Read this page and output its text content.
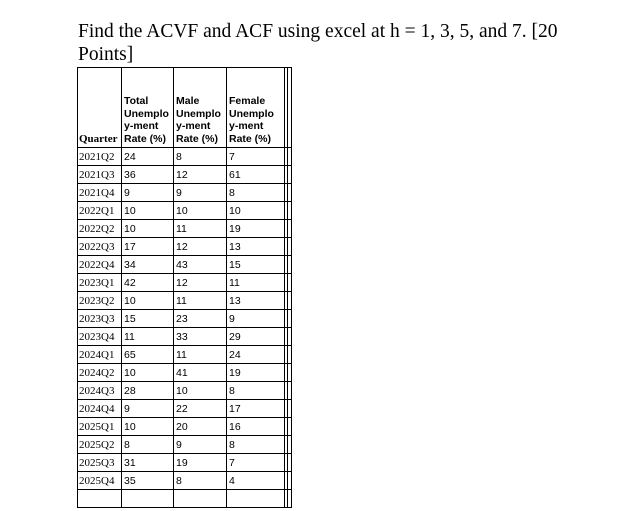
Find the ACVF and ACF using excel at h = 1, 3, 5, and 7. [20
Points]
Quarter	Total Unemplo y-ment Rate (%)	Male Unemplo y-ment Rate (%)	Female Unemplo y-ment Rate (%)		
2021Q2	24	8	7		
2021Q3	36	12	61		
2021Q4	9	9	8		
2022Q1	10	10	10		
2022Q2	10	11	19		
2022Q3	17	12	13		
2022Q4	34	43	15		
2023Q1	42	12	11		
2023Q2	10	11	13		
2023Q3	15	23	9		
2023Q4	11	33	29		
2024Q1	65	11	24		
2024Q2	10	41	19		
2024Q3	28	10	8		
2024Q4	9	22	17		
2025Q1	10	20	16		
2025Q2	8	9	8		
2025Q3	31	19	7		
2025Q4	35	8	4		
